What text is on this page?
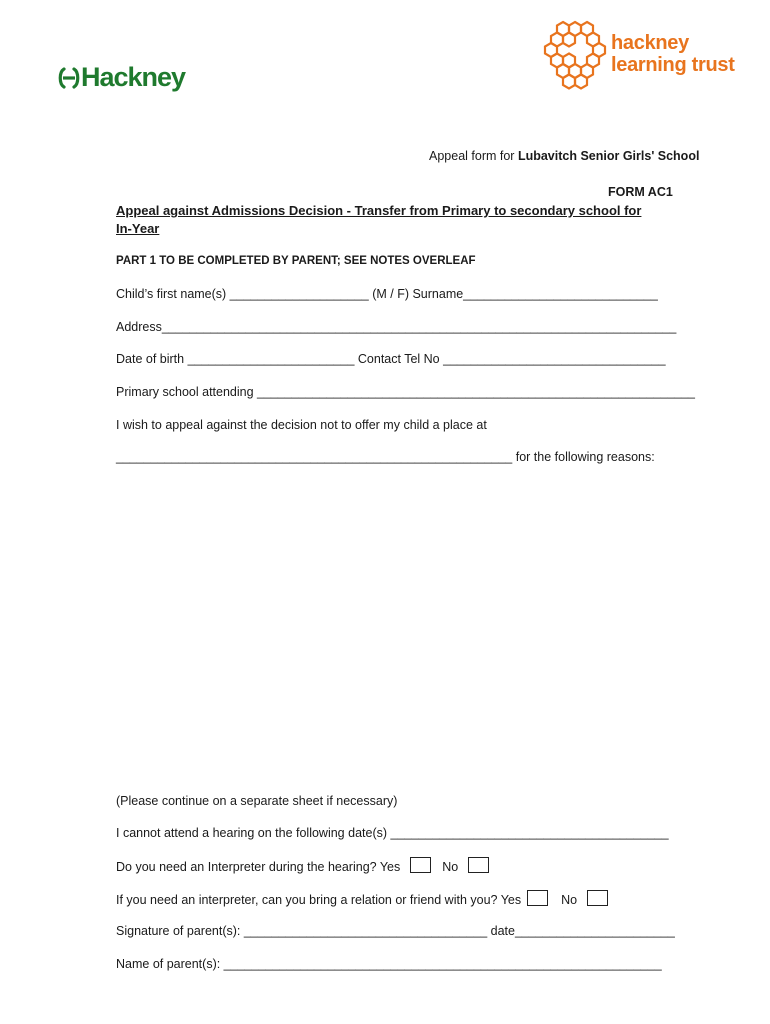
Hackney
hackney
learning trust
Appeal form for Lubavitch Senior Girls' School
FORM AC1
Appeal against Admissions Decision - Transfer from Primary to secondary school for
In-Year
PART 1 TO BE COMPLETED BY PARENT; SEE NOTES OVERLEAF
Child’s first name(s) ____________________ (M / F) Surname____________________________
Address__________________________________________________________________________
Date of birth ________________________ Contact Tel No ________________________________
Primary school attending _______________________________________________________________
I wish to appeal against the decision not to offer my child a place at
_________________________________________________________ for the following reasons:
(Please continue on a separate sheet if necessary)
I cannot attend a hearing on the following date(s) ________________________________________
Do you need an Interpreter during the hearing? Yes	No
If you need an interpreter, can you bring a relation or friend with you? Yes	No
Signature of parent(s): ___________________________________ date_______________________
Name of parent(s): _______________________________________________________________
